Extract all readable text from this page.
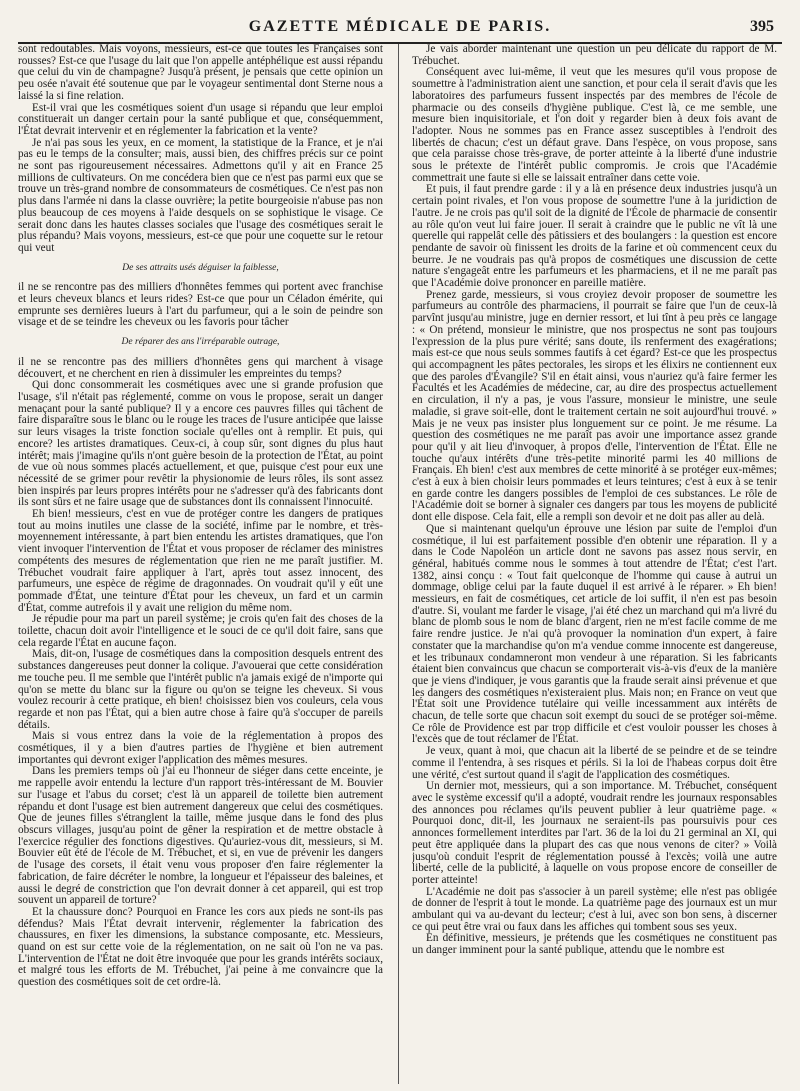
GAZETTE MÉDICALE DE PARIS.	395

sont redoutables. Mais voyons, messieurs, est-ce que toutes les Françaises sont rousses? Est-ce que l'usage du lait que l'on appelle antéphélique est aussi répandu que celui du vin de champagne? Jusqu'à présent, je pensais que cette opinion un peu osée n'avait été soutenue que par le voyageur sentimental dont Sterne nous a laissé la si fine relation.

Est-il vrai que les cosmétiques soient d'un usage si répandu que leur emploi constituerait un danger certain pour la santé publique et que, conséquemment, l'État devrait intervenir et en réglementer la fabrication et la vente?

Je n'ai pas sous les yeux, en ce moment, la statistique de la France, et je n'ai pas eu le temps de la consulter; mais, aussi bien, des chiffres précis sur ce point ne sont pas rigoureusement nécessaires. Admettons qu'il y ait en France 25 millions de cultivateurs. On me concédera bien que ce n'est pas parmi eux que se trouve un très-grand nombre de consommateurs de cosmétiques. Ce n'est pas non plus dans l'armée ni dans la classe ouvrière; la petite bourgeoisie n'abuse pas non plus beaucoup de ces moyens à l'aide desquels on se sophistique le visage. Ce serait donc dans les hautes classes sociales que l'usage des cosmétiques serait le plus répandu? Mais voyons, messieurs, est-ce que pour une coquette sur le retour qui veut

De ses attraits usés déguiser la faiblesse,

il ne se rencontre pas des milliers d'honnêtes femmes qui portent avec franchise et leurs cheveux blancs et leurs rides? Est-ce que pour un Céladon émérite, qui emprunte ses dernières lueurs à l'art du parfumeur, qui a le soin de peindre son visage et de se teindre les cheveux ou les favoris pour tâcher

De réparer des ans l'irréparable outrage,

il ne se rencontre pas des milliers d'honnêtes gens qui marchent à visage découvert, et ne cherchent en rien à dissimuler les empreintes du temps?

Qui donc consommerait les cosmétiques avec une si grande profusion que l'usage, s'il n'était pas réglementé, comme on vous le propose, serait un danger menaçant pour la santé publique? Il y a encore ces pauvres filles qui tâchent de faire disparaître sous le blanc ou le rouge les traces de l'usure anticipée que laisse sur leurs visages la triste fonction sociale qu'elles ont à remplir. Et puis, qui encore? les artistes dramatiques. Ceux-ci, à coup sûr, sont dignes du plus haut intérêt; mais j'imagine qu'ils n'ont guère besoin de la protection de l'État, au point de vue où nous sommes placés actuellement, et que, puisque c'est pour eux une nécessité de se grimer pour revêtir la physionomie de leurs rôles, ils sont assez bien inspirés par leurs propres intérêts pour ne s'adresser qu'à des fabricants dont ils sont sûrs et ne faire usage que de substances dont ils connaissent l'innocuité.

Eh bien! messieurs, c'est en vue de protéger contre les dangers de pratiques tout au moins inutiles une classe de la société, infime par le nombre, et très-moyennement intéressante, à part bien entendu les artistes dramatiques, que l'on vient invoquer l'intervention de l'État et vous proposer de réclamer des ministres compétents des mesures de réglementation que rien ne me paraît justifier. M. Trébuchet voudrait faire appliquer à l'art, après tout assez innocent, des parfumeurs, une espèce de régime de dragonnades. On voudrait qu'il y eût une pommade d'État, une teinture d'État pour les cheveux, un fard et un carmin d'État, comme autrefois il y avait une religion du même nom.

Je répudie pour ma part un pareil système; je crois qu'en fait des choses de la toilette, chacun doit avoir l'intelligence et le souci de ce qu'il doit faire, sans que cela regarde l'État en aucune façon.

Mais, dit-on, l'usage de cosmétiques dans la composition desquels entrent des substances dangereuses peut donner la colique. J'avouerai que cette considération me touche peu. Il me semble que l'intérêt public n'a jamais exigé de n'importe qui qu'on se mette du blanc sur la figure ou qu'on se teigne les cheveux. Si vous voulez recourir à cette pratique, eh bien! choisissez bien vos couleurs, cela vous regarde et non pas l'État, qui a bien autre chose à faire qu'à s'occuper de pareils détails.

Mais si vous entrez dans la voie de la réglementation à propos des cosmétiques, il y a bien d'autres parties de l'hygiène et bien autrement importantes qui devront exiger l'application des mêmes mesures.

Dans les premiers temps où j'ai eu l'honneur de siéger dans cette enceinte, je me rappelle avoir entendu la lecture d'un rapport très-intéressant de M. Bouvier sur l'usage et l'abus du corset; c'est là un appareil de toilette bien autrement répandu et dont l'usage est bien autrement dangereux que celui des cosmétiques. Que de jeunes filles s'étranglent la taille, même jusque dans le fond des plus obscurs villages, jusqu'au point de gêner la respiration et de mettre obstacle à l'exercice régulier des fonctions digestives. Qu'auriez-vous dit, messieurs, si M. Bouvier eût été de l'école de M. Trébuchet, et si, en vue de prévenir les dangers de l'usage des corsets, il était venu vous proposer d'en faire réglementer la fabrication, de faire décréter le nombre, la longueur et l'épaisseur des baleines, et aussi le degré de constriction que l'on devrait donner à cet appareil, qui est trop souvent un appareil de torture?

Et la chaussure donc? Pourquoi en France les cors aux pieds ne sont-ils pas défendus? Mais l'État devrait intervenir, réglementer la fabrication des chaussures, en fixer les dimensions, la substance composante, etc. Messieurs, quand on est sur cette voie de la réglementation, on ne sait où l'on ne va pas. L'intervention de l'État ne doit être invoquée que pour les grands intérêts sociaux, et malgré tous les efforts de M. Trébuchet, j'ai peine à me convaincre que la question des cosmétiques soit de cet ordre-là.

Je vais aborder maintenant une question un peu délicate du rapport de M. Trébuchet.

Conséquent avec lui-même, il veut que les mesures qu'il vous propose de soumettre à l'administration aient une sanction, et pour cela il serait d'avis que les laboratoires des parfumeurs fussent inspectés par des membres de l'école de pharmacie ou des conseils d'hygiène publique. C'est là, ce me semble, une mesure bien inquisitoriale, et l'on doit y regarder bien à deux fois avant de l'adopter. Nous ne sommes pas en France assez susceptibles à l'endroit des libertés de chacun; c'est un défaut grave. Dans l'espèce, on vous propose, sans que cela paraisse chose très-grave, de porter atteinte à la liberté d'une industrie sous le prétexte de l'intérêt public compromis. Je crois que l'Académie commettrait une faute si elle se laissait entraîner dans cette voie.

Et puis, il faut prendre garde : il y a là en présence deux industries jusqu'à un certain point rivales, et l'on vous propose de soumettre l'une à la juridiction de l'autre. Je ne crois pas qu'il soit de la dignité de l'École de pharmacie de consentir au rôle qu'on veut lui faire jouer. Il serait à craindre que le public ne vît là une querelle qui rappelât celle des pâtissiers et des boulangers : la question est encore pendante de savoir où finissent les droits de la farine et où commencent ceux du beurre. Je ne voudrais pas qu'à propos de cosmétiques une discussion de cette nature s'engageât entre les parfumeurs et les pharmaciens, et il ne me paraît pas que l'Académie doive prononcer en pareille matière.

Prenez garde, messieurs, si vous croyiez devoir proposer de soumettre les parfumeurs au contrôle des pharmaciens, il pourrait se faire que l'un de ceux-là parvînt jusqu'au ministre, juge en dernier ressort, et lui tînt à peu près ce langage : « On prétend, monsieur le ministre, que nos prospectus ne sont pas toujours l'expression de la plus pure vérité; sans doute, ils renferment des exagérations; mais est-ce que nous seuls sommes fautifs à cet égard? Est-ce que les prospectus qui accompagnent les pâtes pectorales, les sirops et les élixirs ne contiennent eux que des paroles d'Évangile? S'il en était ainsi, vous n'auriez qu'à faire fermer les Facultés et les Académies de médecine, car, au dire des prospectus actuellement en circulation, il n'y a pas, je vous l'assure, monsieur le ministre, une seule maladie, si grave soit-elle, dont le traitement certain ne soit aujourd'hui trouvé. » Mais je ne veux pas insister plus longuement sur ce point. Je me résume. La question des cosmétiques ne me paraît pas avoir une importance assez grande pour qu'il y ait lieu d'invoquer, à propos d'elle, l'intervention de l'État. Elle ne touche qu'aux intérêts d'une très-petite minorité parmi les 40 millions de Français. Eh bien! c'est aux membres de cette minorité à se protéger eux-mêmes; c'est à eux à bien choisir leurs pommades et leurs teintures; c'est à eux à se tenir en garde contre les dangers possibles de l'emploi de ces substances. Le rôle de l'Académie doit se borner à signaler ces dangers par tous les moyens de publicité dont elle dispose. Cela fait, elle a rempli son devoir et ne doit pas aller au delà.

Que si maintenant quelqu'un éprouve une lésion par suite de l'emploi d'un cosmétique, il lui est parfaitement possible d'en obtenir une réparation. Il y a dans le Code Napoléon un article dont ne savons pas assez nous servir, en général, habitués comme nous le sommes à tout attendre de l'État; c'est l'art. 1382, ainsi conçu : « Tout fait quelconque de l'homme qui cause à autrui un dommage, oblige celui par la faute duquel il est arrivé à le réparer. » Eh bien! messieurs, en fait de cosmétiques, cet article de loi suffit, il n'en est pas besoin d'autre. Si, voulant me farder le visage, j'ai été chez un marchand qui m'a livré du blanc de plomb sous le nom de blanc d'argent, rien ne m'est facile comme de me faire rendre justice. Je n'ai qu'à provoquer la nomination d'un expert, à faire constater que la marchandise qu'on m'a vendue comme innocente est dangereuse, et les tribunaux condamneront mon vendeur à une réparation. Si les fabricants étaient bien convaincus que chacun se comporterait vis-à-vis d'eux de la manière que je viens d'indiquer, je vous garantis que la fraude serait ainsi prévenue et que les dangers des cosmétiques n'existeraient plus. Mais non; en France on veut que l'État soit une Providence tutélaire qui veille incessamment aux intérêts de chacun, de telle sorte que chacun soit exempt du souci de se protéger soi-même. Ce rôle de Providence est par trop difficile et c'est vouloir pousser les choses à l'excès que de tout réclamer de l'État.

Je veux, quant à moi, que chacun ait la liberté de se peindre et de se teindre comme il l'entendra, à ses risques et périls. Si la loi de l'habeas corpus doit être une vérité, c'est surtout quand il s'agit de l'application des cosmétiques.

Un dernier mot, messieurs, qui a son importance. M. Trébuchet, conséquent avec le système excessif qu'il a adopté, voudrait rendre les journaux responsables des annonces pou réclames qu'ils peuvent publier à leur quatrième page. « Pourquoi donc, dit-il, les journaux ne seraient-ils pas poursuivis pour ces annonces formellement interdites par l'art. 36 de la loi du 21 germinal an XI, qui peut être appliquée dans la plupart des cas que nous venons de citer? » Voilà jusqu'où conduit l'esprit de réglementation poussé à l'excès; voilà une autre liberté, celle de la publicité, à laquelle on vous propose encore de conseiller de porter atteinte!

L'Académie ne doit pas s'associer à un pareil système; elle n'est pas obligée de donner de l'esprit à tout le monde. La quatrième page des journaux est un mur ambulant qui va au-devant du lecteur; c'est à lui, avec son bon sens, à discerner ce qui peut être vrai ou faux dans les affiches qui tombent sous ses yeux.

En définitive, messieurs, je prétends que les cosmétiques ne constituent pas un danger imminent pour la santé publique, attendu que le nombre est
